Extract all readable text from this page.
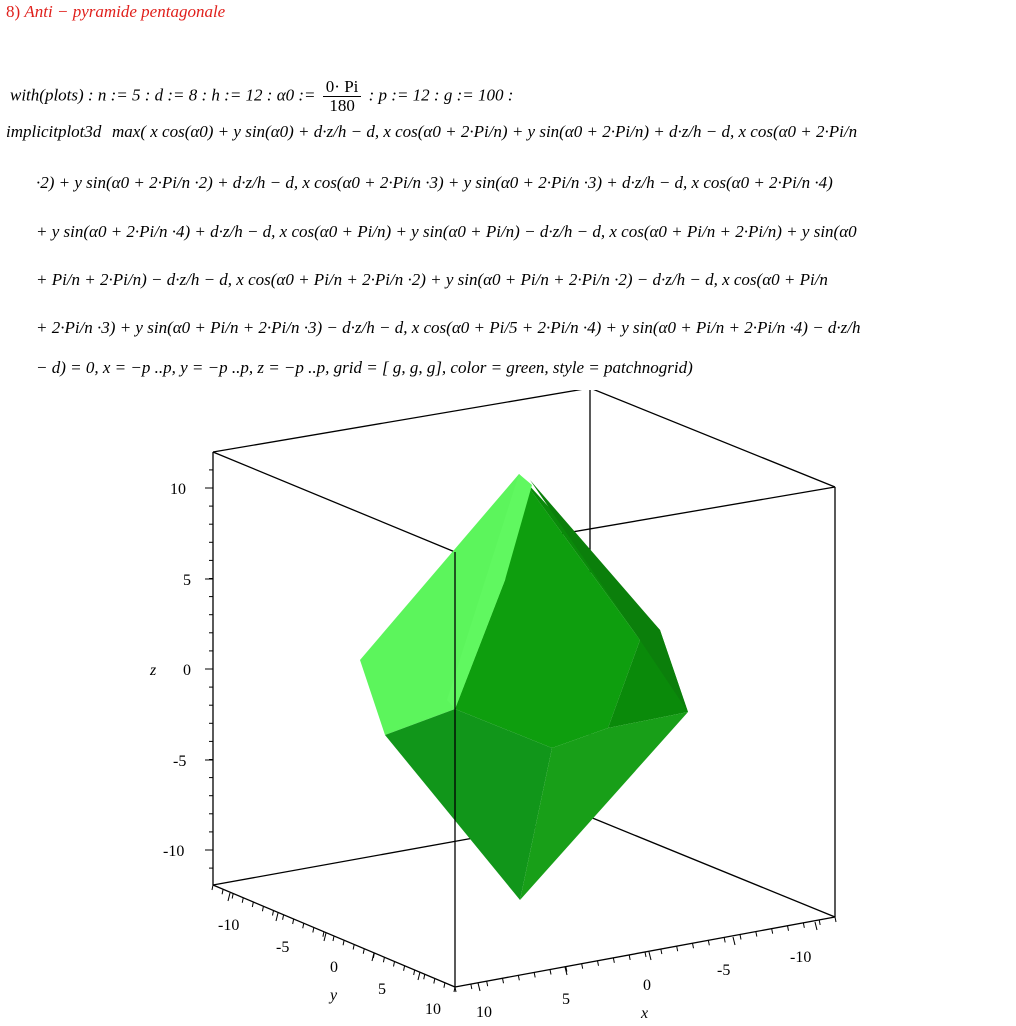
8) Anti − pyramide pentagonale
with(plots) : n := 5 : d := 8 : h := 12 : α0 := $\frac{0\cdot Pi}{180}$ : p := 12 : g := 100 :
implicitplot3d max( x cos(α0) + y sin(α0) + d·z/h − d, x cos(α0 + 2·Pi/n) + y sin(α0 + 2·Pi/n) + d·z/h − d, x cos(α0 + 2·Pi/n
·2) + y sin(α0 + 2·Pi/n ·2) + d·z/h − d, x cos(α0 + 2·Pi/n ·3) + y sin(α0 + 2·Pi/n ·3) + d·z/h − d, x cos(α0 + 2·Pi/n ·4)
+ y sin(α0 + 2·Pi/n ·4) + d·z/h − d, x cos(α0 + Pi/n) + y sin(α0 + Pi/n) − d·z/h − d, x cos(α0 + Pi/n + 2·Pi/n) + y sin(α0
+ Pi/n + 2·Pi/n) − d·z/h − d, x cos(α0 + Pi/n + 2·Pi/n ·2) + y sin(α0 + Pi/n + 2·Pi/n ·2) − d·z/h − d, x cos(α0 + Pi/n
+ 2·Pi/n ·3) + y sin(α0 + Pi/n + 2·Pi/n ·3) − d·z/h − d, x cos(α0 + Pi/5 + 2·Pi/n ·4) + y sin(α0 + Pi/n + 2·Pi/n ·4) − d·z/h
− d) = 0, x = −p ..p, y = −p ..p, z = −p ..p, grid = [ g, g, g], color = green, style = patchnogrid)
10
5
0
-5
-10
z
-10
-5
0
5
10
y
10
5
0
-5
-10
x
